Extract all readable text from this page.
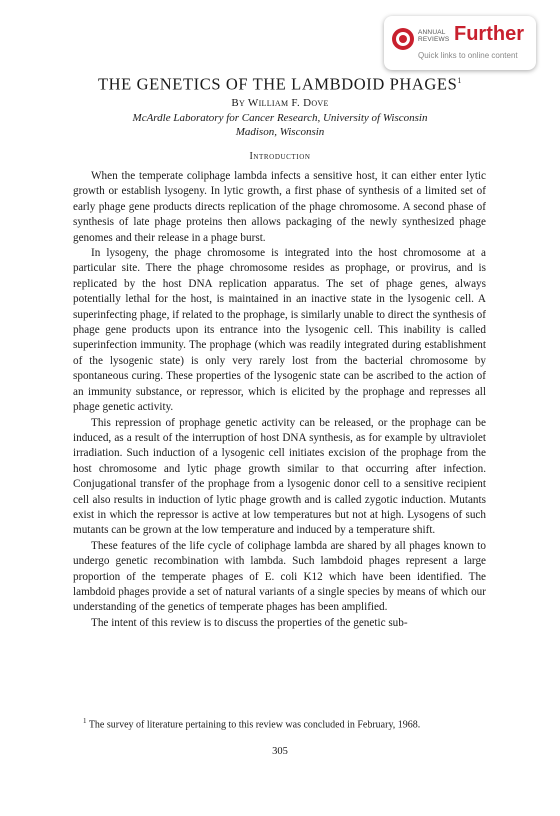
ANNUAL
REVIEWS Further
Quick links to online content
THE GENETICS OF THE LAMBDOID PHAGES$^1$
By William F. Dove
McArdle Laboratory for Cancer Research, University of Wisconsin
Madison, Wisconsin
Introduction

When the temperate coliphage lambda infects a sensitive host, it can either enter lytic growth or establish lysogeny. In lytic growth, a first phase of synthesis of a limited set of early phage gene products directs replication of the phage chromosome. A second phase of synthesis of late phage proteins then allows packaging of the newly synthesized phage genomes and their release in a phage burst.

In lysogeny, the phage chromosome is integrated into the host chromosome at a particular site. There the phage chromosome resides as prophage, or provirus, and is replicated by the host DNA replication apparatus. The set of phage genes, always potentially lethal for the host, is maintained in an inactive state in the lysogenic cell. A superinfecting phage, if related to the prophage, is similarly unable to direct the synthesis of phage gene products upon its entrance into the lysogenic cell. This inability is called superinfection immunity. The prophage (which was readily integrated during establishment of the lysogenic state) is only very rarely lost from the bacterial chromosome by spontaneous curing. These properties of the lysogenic state can be ascribed to the action of an immunity substance, or repressor, which is elicited by the prophage and represses all phage genetic activity.

This repression of prophage genetic activity can be released, or the prophage can be induced, as a result of the interruption of host DNA synthesis, as for example by ultraviolet irradiation. Such induction of a lysogenic cell initiates excision of the prophage from the host chromosome and lytic phage growth similar to that occurring after infection. Conjugational transfer of the prophage from a lysogenic donor cell to a sensitive recipient cell also results in induction of lytic phage growth and is called zygotic induction. Mutants exist in which the repressor is active at low temperatures but not at high. Lysogens of such mutants can be grown at the low temperature and induced by a temperature shift.

These features of the life cycle of coliphage lambda are shared by all phages known to undergo genetic recombination with lambda. Such lambdoid phages represent a large proportion of the temperate phages of E. coli K12 which have been identified. The lambdoid phages provide a set of natural variants of a single species by means of which our understanding of the genetics of temperate phages has been amplified.

The intent of this review is to discuss the properties of the genetic sub-

$^1$ The survey of literature pertaining to this review was concluded in February, 1968.

305
